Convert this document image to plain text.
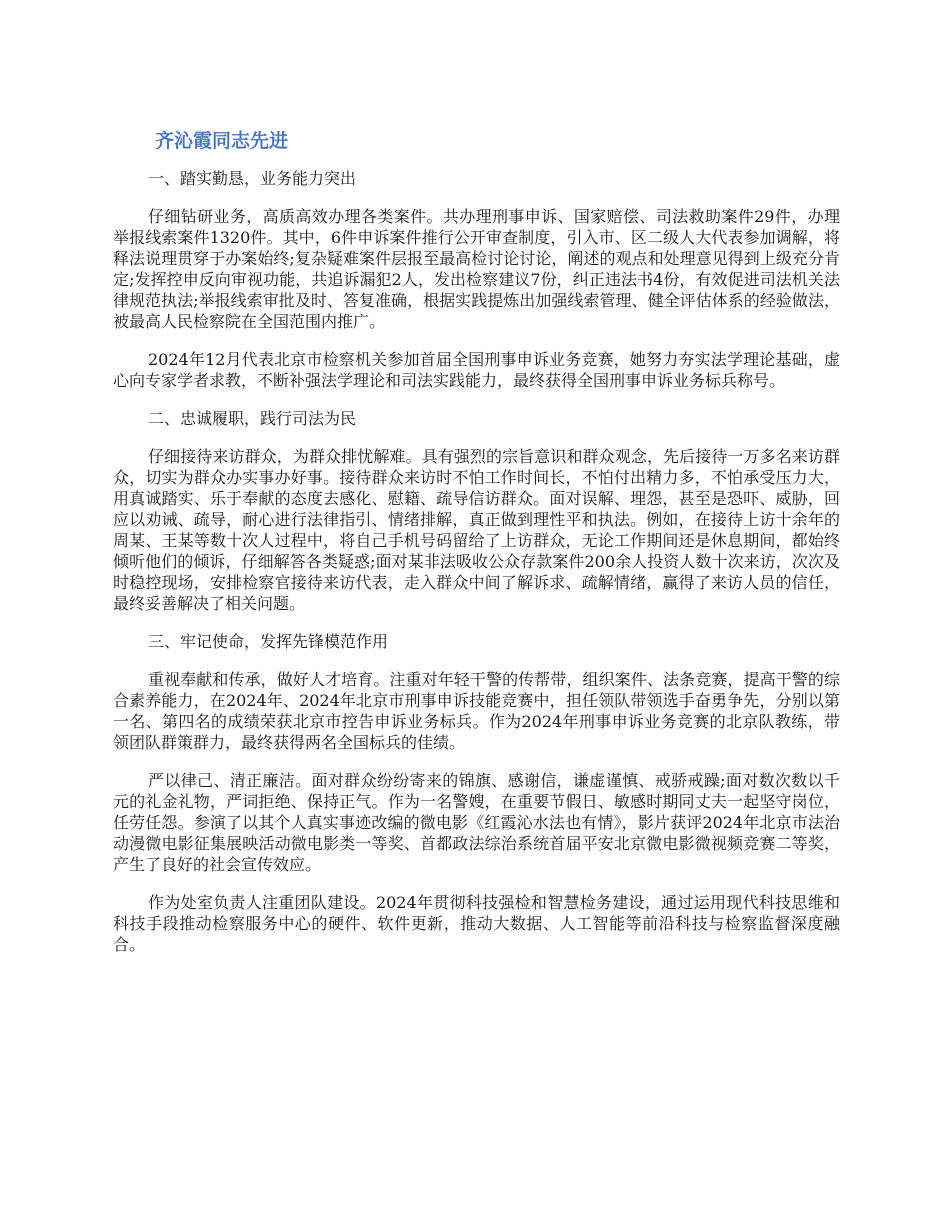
齐沁霞同志先进

一、踏实勤恳，业务能力突出

仔细钻研业务，高质高效办理各类案件。共办理刑事申诉、国家赔偿、司法救助案件29件，办理举报线索案件1320件。其中，6件申诉案件推行公开审查制度，引入市、区二级人大代表参加调解，将释法说理贯穿于办案始终;复杂疑难案件层报至最高检讨论讨论，阐述的观点和处理意见得到上级充分肯定;发挥控申反向审视功能，共追诉漏犯2人，发出检察建议7份，纠正违法书4份，有效促进司法机关法律规范执法;举报线索审批及时、答复准确，根据实践提炼出加强线索管理、健全评估体系的经验做法，被最高人民检察院在全国范围内推广。

2024年12月代表北京市检察机关参加首届全国刑事申诉业务竞赛，她努力夯实法学理论基础，虚心向专家学者求教，不断补强法学理论和司法实践能力，最终获得全国刑事申诉业务标兵称号。

二、忠诚履职，践行司法为民

仔细接待来访群众，为群众排忧解难。具有强烈的宗旨意识和群众观念，先后接待一万多名来访群众，切实为群众办实事办好事。接待群众来访时不怕工作时间长，不怕付出精力多，不怕承受压力大，用真诚踏实、乐于奉献的态度去感化、慰籍、疏导信访群众。面对误解、埋怨，甚至是恐吓、威胁，回应以劝诫、疏导，耐心进行法律指引、情绪排解，真正做到理性平和执法。例如，在接待上访十余年的周某、王某等数十次人过程中，将自己手机号码留给了上访群众，无论工作期间还是休息期间，都始终倾听他们的倾诉，仔细解答各类疑惑;面对某非法吸收公众存款案件200余人投资人数十次来访，次次及时稳控现场，安排检察官接待来访代表，走入群众中间了解诉求、疏解情绪，赢得了来访人员的信任，最终妥善解决了相关问题。

三、牢记使命，发挥先锋模范作用

重视奉献和传承，做好人才培育。注重对年轻干警的传帮带，组织案件、法条竞赛，提高干警的综合素养能力，在2024年、2024年北京市刑事申诉技能竞赛中，担任领队带领选手奋勇争先，分别以第一名、第四名的成绩荣获北京市控告申诉业务标兵。作为2024年刑事申诉业务竞赛的北京队教练，带领团队群策群力，最终获得两名全国标兵的佳绩。

严以律己、清正廉洁。面对群众纷纷寄来的锦旗、感谢信，谦虚谨慎、戒骄戒躁;面对数次数以千元的礼金礼物，严词拒绝、保持正气。作为一名警嫂，在重要节假日、敏感时期同丈夫一起坚守岗位，任劳任怨。参演了以其个人真实事迹改编的微电影《红霞沁水法也有情》，影片获评2024年北京市法治动漫微电影征集展映活动微电影类一等奖、首都政法综治系统首届平安北京微电影微视频竞赛二等奖，产生了良好的社会宣传效应。

作为处室负责人注重团队建设。2024年贯彻科技强检和智慧检务建设，通过运用现代科技思维和科技手段推动检察服务中心的硬件、软件更新，推动大数据、人工智能等前沿科技与检察监督深度融合。
